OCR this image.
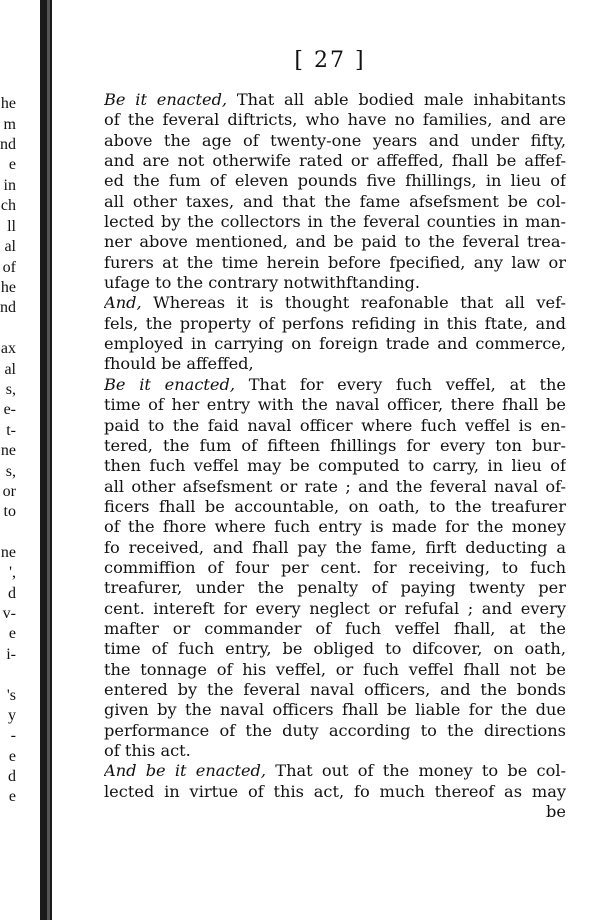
he
m
nd
e
in
ch
ll
al
of
he
nd
ax
al
s,
e-
t-
ne
s,
or
to
ne
',
d
v-
e
i-
's
y
-
e
d
e
[ 27 ]
Be it enacted, That all able bodied male inhabitants
of the feveral diftricts, who have no families, and are
above the age of twenty-one years and under fifty,
and are not otherwife rated or affeffed, fhall be affef-
ed the fum of eleven pounds five fhillings, in lieu of
all other taxes, and that the fame afsefsment be col-
lected by the collectors in the feveral counties in man-
ner above mentioned, and be paid to the feveral trea-
furers at the time herein before fpecified, any law or
ufage to the contrary notwithftanding.
And, Whereas it is thought reafonable that all vef-
fels, the property of perfons refiding in this ftate, and
employed in carrying on foreign trade and commerce,
fhould be affeffed,
Be it enacted, That for every fuch veffel, at the
time of her entry with the naval officer, there fhall be
paid to the faid naval officer where fuch veffel is en-
tered, the fum of fifteen fhillings for every ton bur-
then fuch veffel may be computed to carry, in lieu of
all other afsefsment or rate ; and the feveral naval of-
ficers fhall be accountable, on oath, to the treafurer
of the fhore where fuch entry is made for the money
fo received, and fhall pay the fame, firft deducting a
commiffion of four per cent. for receiving, to fuch
treafurer, under the penalty of paying twenty per
cent. intereft for every neglect or refufal ; and every
mafter or commander of fuch veffel fhall, at the
time of fuch entry, be obliged to difcover, on oath,
the tonnage of his veffel, or fuch veffel fhall not be
entered by the feveral naval officers, and the bonds
given by the naval officers fhall be liable for the due
performance of the duty according to the directions
of this act.
And be it enacted, That out of the money to be col-
lected in virtue of this act, fo much thereof as may
be
